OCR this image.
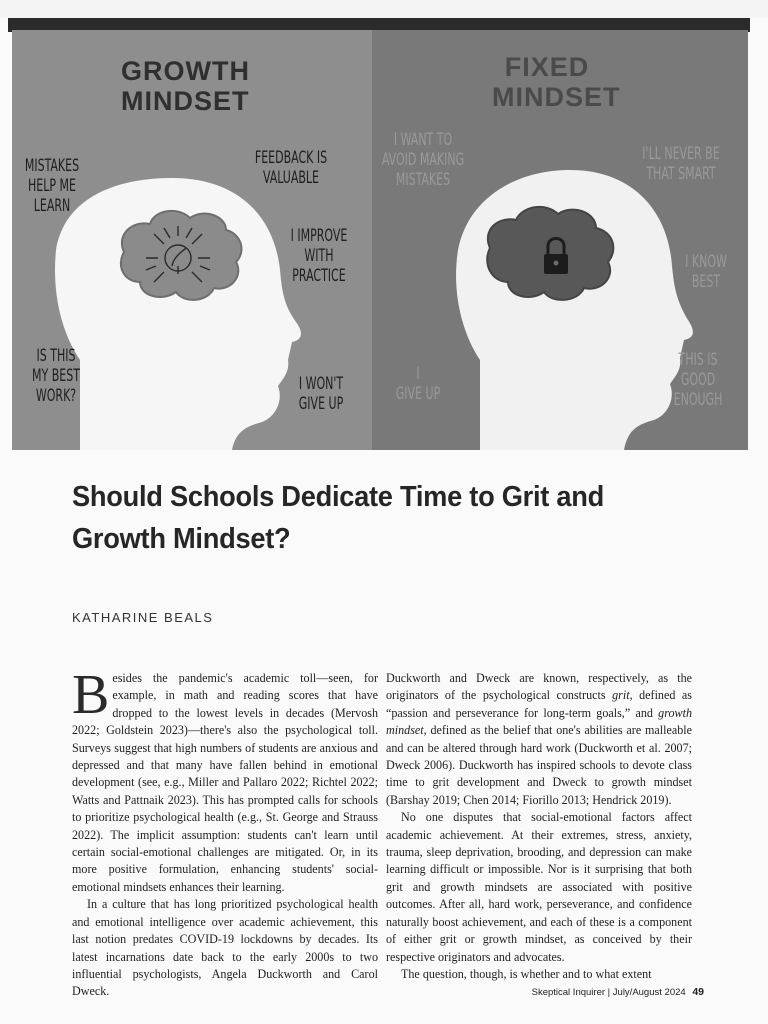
GROWTH
MINDSET
FIXED
MINDSET
MISTAKES
HELP ME
LEARN
FEEDBACK IS
VALUABLE
I IMPROVE
WITH
PRACTICE
IS THIS
MY BEST
WORK?
I WON'T
GIVE UP
I WANT TO
AVOID MAKING
MISTAKES
I'LL NEVER BE
THAT SMART
I KNOW
BEST
I
GIVE UP
THIS IS
GOOD
ENOUGH
Should Schools Dedicate Time to Grit and Growth Mindset?
KATHARINE BEALS

Besides the pandemic's academic toll—seen, for example, in math and reading scores that have dropped to the lowest levels in decades (Mervosh 2022; Goldstein 2023)—there's also the psychological toll. Surveys suggest that high numbers of students are anxious and depressed and that many have fallen behind in emotional development (see, e.g., Miller and Pallaro 2022; Richtel 2022; Watts and Pattnaik 2023). This has prompted calls for schools to prioritize psychological health (e.g., St. George and Strauss 2022). The implicit assumption: students can't learn until certain social-emotional challenges are mitigated. Or, in its more positive formulation, enhancing students' social-emotional mindsets enhances their learning.

In a culture that has long prioritized psychological health and emotional intelligence over academic achievement, this last notion predates COVID-19 lockdowns by decades. Its latest incarnations date back to the early 2000s to two influential psychologists, Angela Duckworth and Carol Dweck.

Duckworth and Dweck are known, respectively, as the originators of the psychological constructs grit, defined as “passion and perseverance for long-term goals,” and growth mindset, defined as the belief that one's abilities are malleable and can be altered through hard work (Duckworth et al. 2007; Dweck 2006). Duckworth has inspired schools to devote class time to grit development and Dweck to growth mindset (Barshay 2019; Chen 2014; Fiorillo 2013; Hendrick 2019).

No one disputes that social-emotional factors affect academic achievement. At their extremes, stress, anxiety, trauma, sleep deprivation, brooding, and depression can make learning difficult or impossible. Nor is it surprising that both grit and growth mindsets are associated with positive outcomes. After all, hard work, perseverance, and confidence naturally boost achievement, and each of these is a component of either grit or growth mindset, as conceived by their respective originators and advocates.

The question, though, is whether and to what extent

Skeptical Inquirer | July/August 2024 49
